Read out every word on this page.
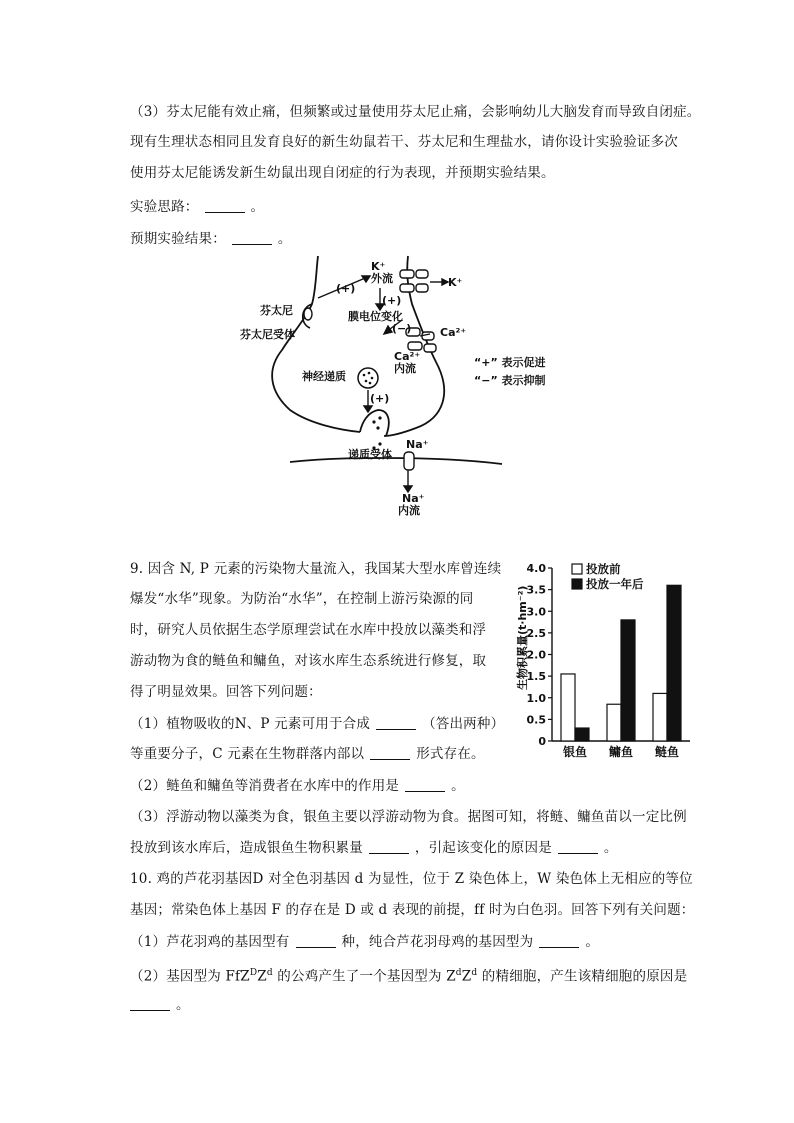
（3）芬太尼能有效止痛，但频繁或过量使用芬太尼止痛，会影响幼儿大脑发育而导致自闭症。
现有生理状态相同且发育良好的新生幼鼠若干、芬太尼和生理盐水，请你设计实验验证多次
使用芬太尼能诱发新生幼鼠出现自闭症的行为表现，并预期实验结果。
实验思路：	。
预期实验结果：	。
K⁺
外流
(+)
(+)
K⁺
膜电位变化
(−)	Ca²⁺
Ca²⁺
内流
(+)
芬太尼
芬太尼受体
神经递质
“+” 表示促进
“−” 表示抑制
Na⁺
递质受体
Na⁺
内流
9. 因含 N, P 元素的污染物大量流入，我国某大型水库曾连续
爆发“水华”现象。为防治“水华”，在控制上游污染源的同
时，研究人员依据生态学原理尝试在水库中投放以藻类和浮
游动物为食的鲢鱼和鳙鱼，对该水库生态系统进行修复，取
得了明显效果。回答下列问题：
（1）植物吸收的N、P 元素可用于合成	（答出两种）
等重要分子，C 元素在生物群落内部以	形式存在。
（2）鲢鱼和鳙鱼等消费者在水库中的作用是	。
（3）浮游动物以藻类为食，银鱼主要以浮游动物为食。据图可知，将鲢、鳙鱼苗以一定比例
投放到该水库后，造成银鱼生物积累量	，引起该变化的原因是	。
0
0.5
1.0
1.5
2.0
2.5
3.0
3.5
4.0
银鱼 鳙鱼 鲢鱼
投放前
投放一年后
生物积累量(t·hm⁻²)
10. 鸡的芦花羽基因D 对全色羽基因 d 为显性，位于 Z 染色体上，W 染色体上无相应的等位
基因；常染色体上基因 F 的存在是 D 或 d 表现的前提，ff 时为白色羽。回答下列有关问题：
（1）芦花羽鸡的基因型有	种，纯合芦花羽母鸡的基因型为	。
（2）基因型为 $FfZ^DZ^d$ 的公鸡产生了一个基因型为 $Z^dZ^d$ 的精细胞，产生该精细胞的原因是
。
